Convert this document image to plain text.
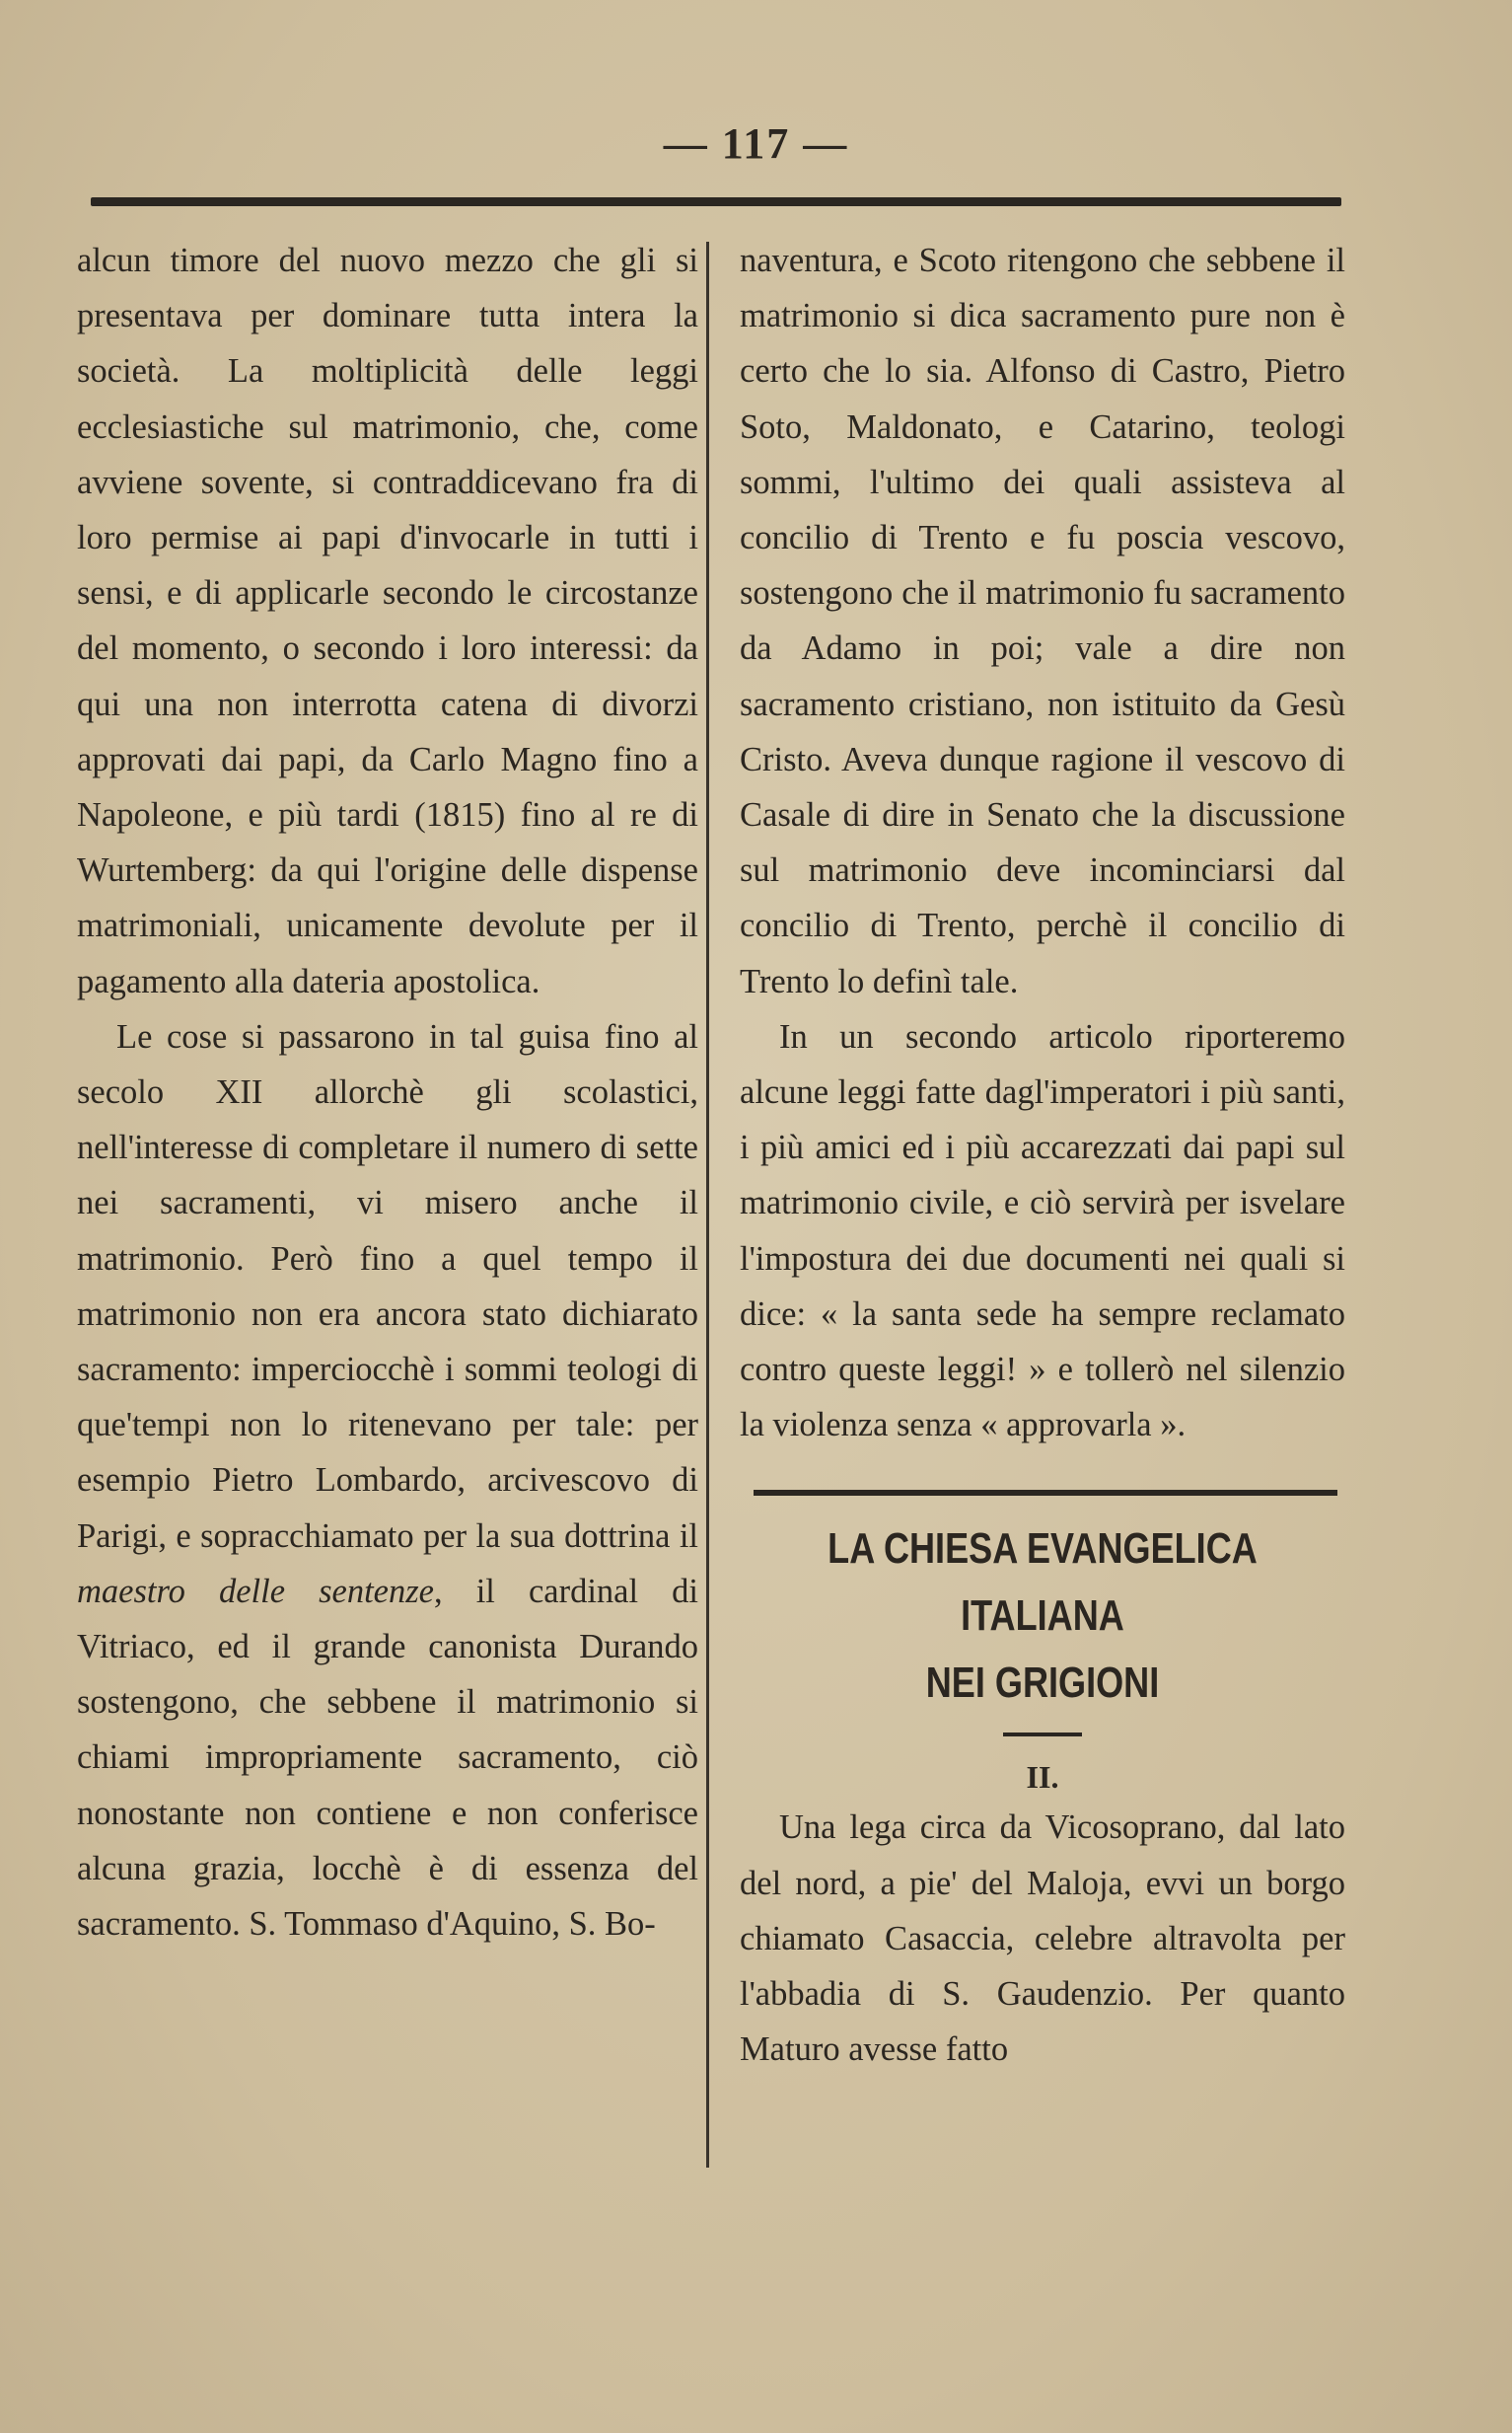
— 117 —

alcun timore del nuovo mezzo che gli si presentava per dominare tutta intera la società. La moltiplicità delle leggi ecclesiastiche sul matrimonio, che, come avviene sovente, si contraddicevano fra di loro permise ai papi d'invocarle in tutti i sensi, e di applicarle secondo le circostanze del momento, o secondo i loro interessi: da qui una non interrotta catena di divorzi approvati dai papi, da Carlo Magno fino a Napoleone, e più tardi (1815) fino al re di Wurtemberg: da qui l'origine delle dispense matrimoniali, unicamente devolute per il pagamento alla dateria apostolica.

Le cose si passarono in tal guisa fino al secolo XII allorchè gli scolastici, nell'interesse di completare il numero di sette nei sacramenti, vi misero anche il matrimonio. Però fino a quel tempo il matrimonio non era ancora stato dichiarato sacramento: imperciocchè i sommi teologi di que'tempi non lo ritenevano per tale: per esempio Pietro Lombardo, arcivescovo di Parigi, e sopracchiamato per la sua dottrina il maestro delle sentenze, il cardinal di Vitriaco, ed il grande canonista Durando sostengono, che sebbene il matrimonio si chiami impropriamente sacramento, ciò nonostante non contiene e non conferisce alcuna grazia, locchè è di essenza del sacramento. S. Tommaso d'Aquino, S. Bo-

naventura, e Scoto ritengono che sebbene il matrimonio si dica sacramento pure non è certo che lo sia. Alfonso di Castro, Pietro Soto, Maldonato, e Catarino, teologi sommi, l'ultimo dei quali assisteva al concilio di Trento e fu poscia vescovo, sostengono che il matrimonio fu sacramento da Adamo in poi; vale a dire non sacramento cristiano, non istituito da Gesù Cristo. Aveva dunque ragione il vescovo di Casale di dire in Senato che la discussione sul matrimonio deve incominciarsi dal concilio di Trento, perchè il concilio di Trento lo definì tale.

In un secondo articolo riporteremo alcune leggi fatte dagl'imperatori i più santi, i più amici ed i più accarezzati dai papi sul matrimonio civile, e ciò servirà per isvelare l'impostura dei due documenti nei quali si dice: « la santa sede ha sempre reclamato contro queste leggi! » e tollerò nel silenzio la violenza senza « approvarla ».

LA CHIESA EVANGELICA ITALIANA
NEI GRIGIONI
II.

Una lega circa da Vicosoprano, dal lato del nord, a pie' del Maloja, evvi un borgo chiamato Casaccia, celebre altravolta per l'abbadia di S. Gaudenzio. Per quanto Maturo avesse fatto
